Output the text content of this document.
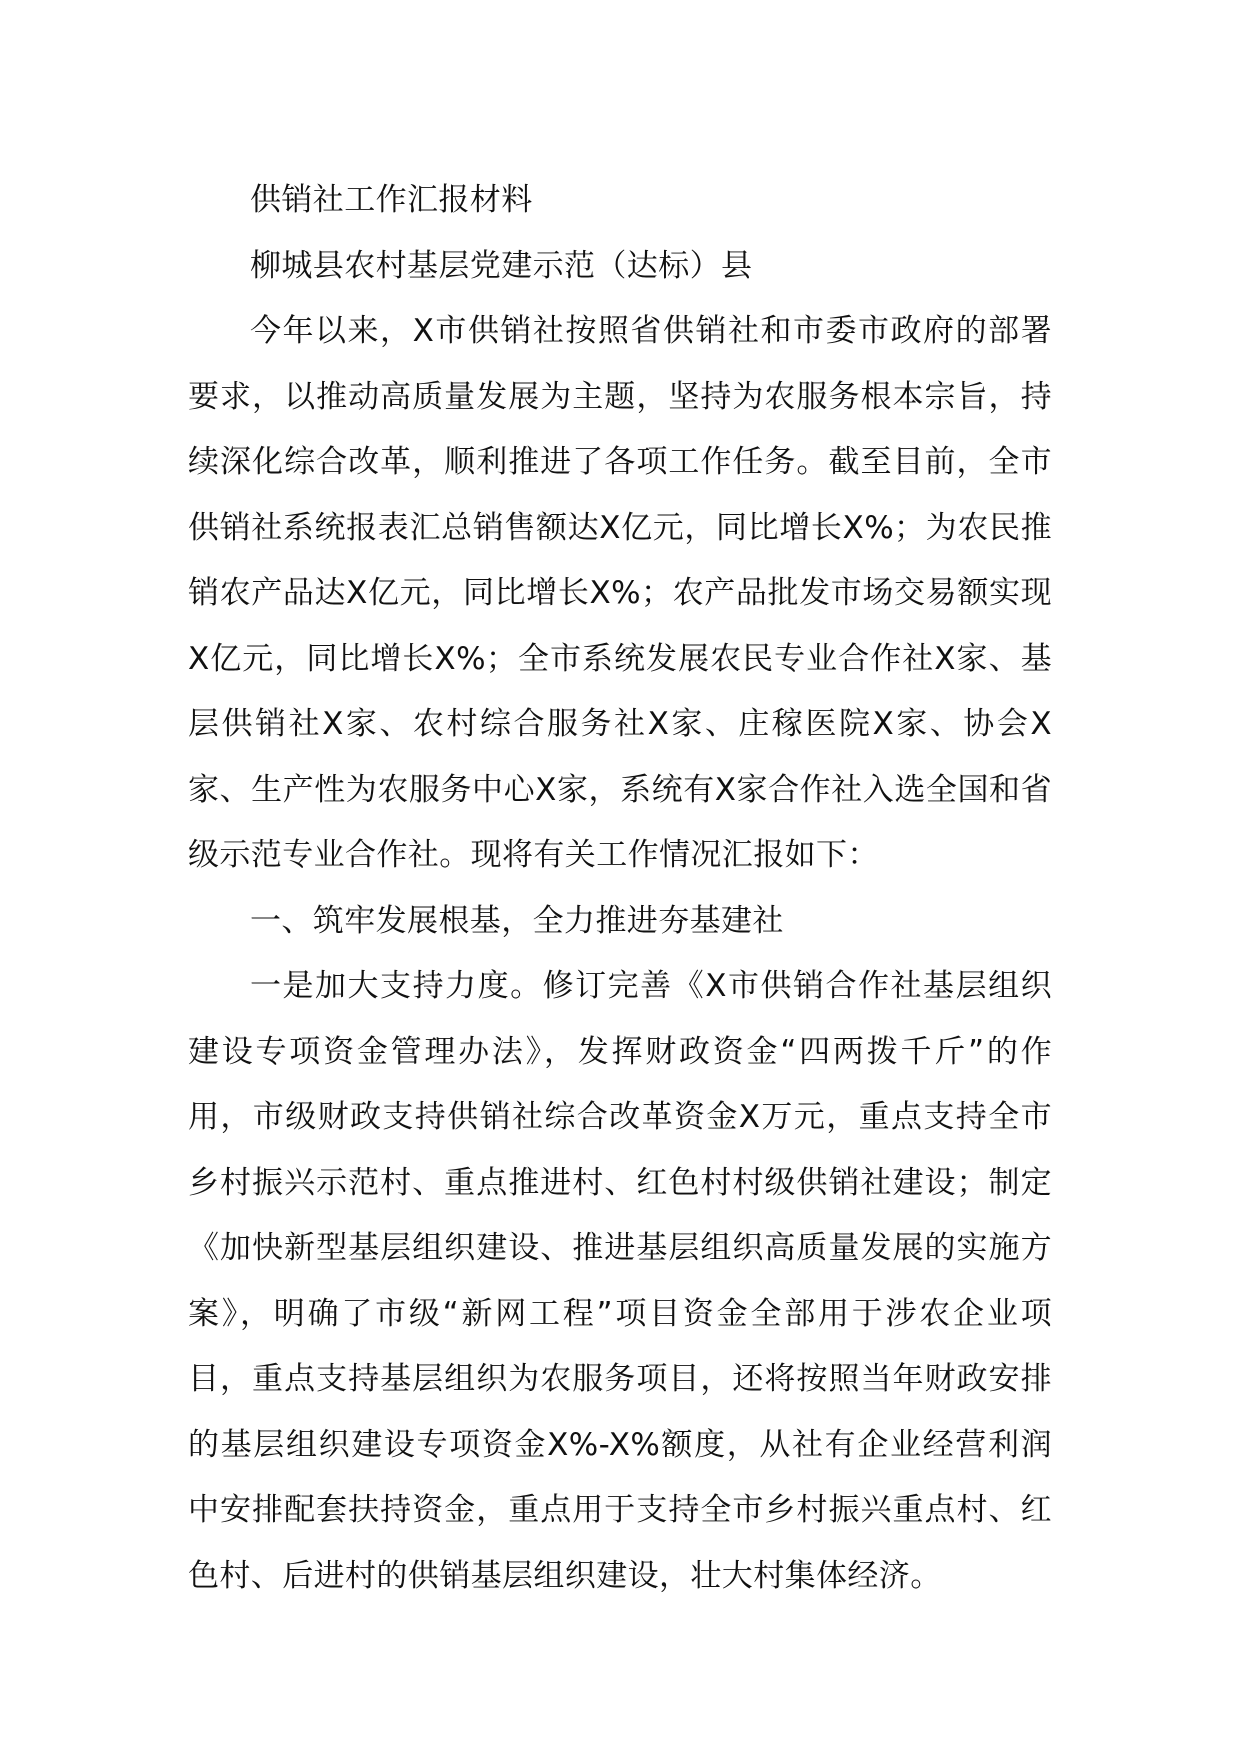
供销社工作汇报材料

柳城县农村基层党建示范（达标）县

今年以来，X市供销社按照省供销社和市委市政府的部署要求，以推动高质量发展为主题，坚持为农服务根本宗旨，持续深化综合改革，顺利推进了各项工作任务。截至目前，全市供销社系统报表汇总销售额达X亿元，同比增长X%；为农民推销农产品达X亿元，同比增长X%；农产品批发市场交易额实现X亿元，同比增长X%；全市系统发展农民专业合作社X家、基层供销社X家、农村综合服务社X家、庄稼医院X家、协会X家、生产性为农服务中心X家，系统有X家合作社入选全国和省级示范专业合作社。现将有关工作情况汇报如下：

一、筑牢发展根基，全力推进夯基建社

一是加大支持力度。修订完善《X市供销合作社基层组织建设专项资金管理办法》，发挥财政资金“四两拨千斤”的作用，市级财政支持供销社综合改革资金X万元，重点支持全市乡村振兴示范村、重点推进村、红色村村级供销社建设；制定《加快新型基层组织建设、推进基层组织高质量发展的实施方案》，明确了市级“新网工程”项目资金全部用于涉农企业项目，重点支持基层组织为农服务项目，还将按照当年财政安排的基层组织建设专项资金X%-X%额度，从社有企业经营利润中安排配套扶持资金，重点用于支持全市乡村振兴重点村、红色村、后进村的供销基层组织建设，壮大村集体经济。
